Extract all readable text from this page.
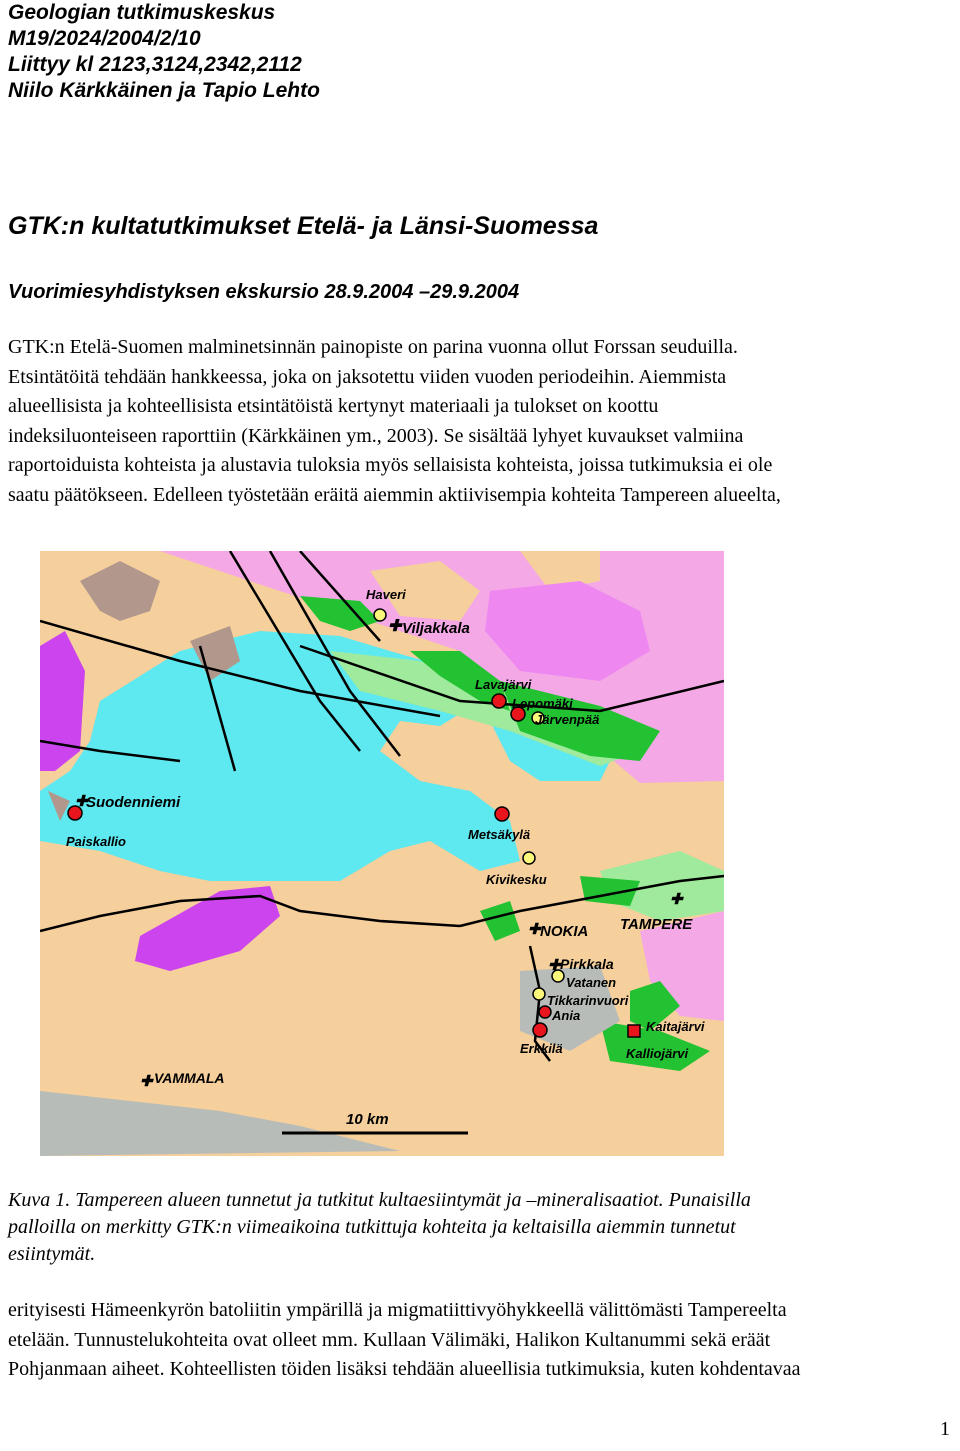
Geologian tutkimuskeskus
M19/2024/2004/2/10
Liittyy kl 2123,3124,2342,2112
Niilo Kärkkäinen ja Tapio Lehto
GTK:n kultatutkimukset Etelä- ja Länsi-Suomessa
Vuorimiesyhdistyksen ekskursio 28.9.2004 –29.9.2004
GTK:n Etelä-Suomen malminetsinnän painopiste on parina vuonna ollut Forssan seuduilla.
Etsintätöitä tehdään hankkeessa, joka on jaksotettu viiden vuoden periodeihin. Aiemmista
alueellisista ja kohteellisista etsintätöistä kertynyt materiaali ja tulokset on koottu
indeksiluonteiseen raporttiin (Kärkkäinen ym., 2003). Se sisältää lyhyet kuvaukset valmiina
raportoiduista kohteista ja alustavia tuloksia myös sellaisista kohteista, joissa tutkimuksia ei ole
saatu päätökseen. Edelleen työstetään eräitä aiemmin aktiivisempia kohteita Tampereen alueelta,
✚
✚
✚
✚
✚
✚
Haveri
Viljakkala
Lavajärvi
Lepomäki
Järvenpää
Suodenniemi
Paiskallio	Metsäkylä
Kivikesku
NOKIA TAMPERE
Pirkkala
Vatanen
Tikkarinvuori
Ania
Kaitajärvi
Erkkilä	Kalliojärvi
VAMMALA
10 km
Kuva 1. Tampereen alueen tunnetut ja tutkitut kultaesiintymät ja –mineralisaatiot. Punaisilla
palloilla on merkitty GTK:n viimeaikoina tutkittuja kohteita ja keltaisilla aiemmin tunnetut
esiintymät.
erityisesti Hämeenkyrön batoliitin ympärillä ja migmatiittivyöhykkeellä välittömästi Tampereelta
etelään. Tunnustelukohteita ovat olleet mm. Kullaan Välimäki, Halikon Kultanummi sekä eräät
Pohjanmaan aiheet. Kohteellisten töiden lisäksi tehdään alueellisia tutkimuksia, kuten kohdentavaa
1
